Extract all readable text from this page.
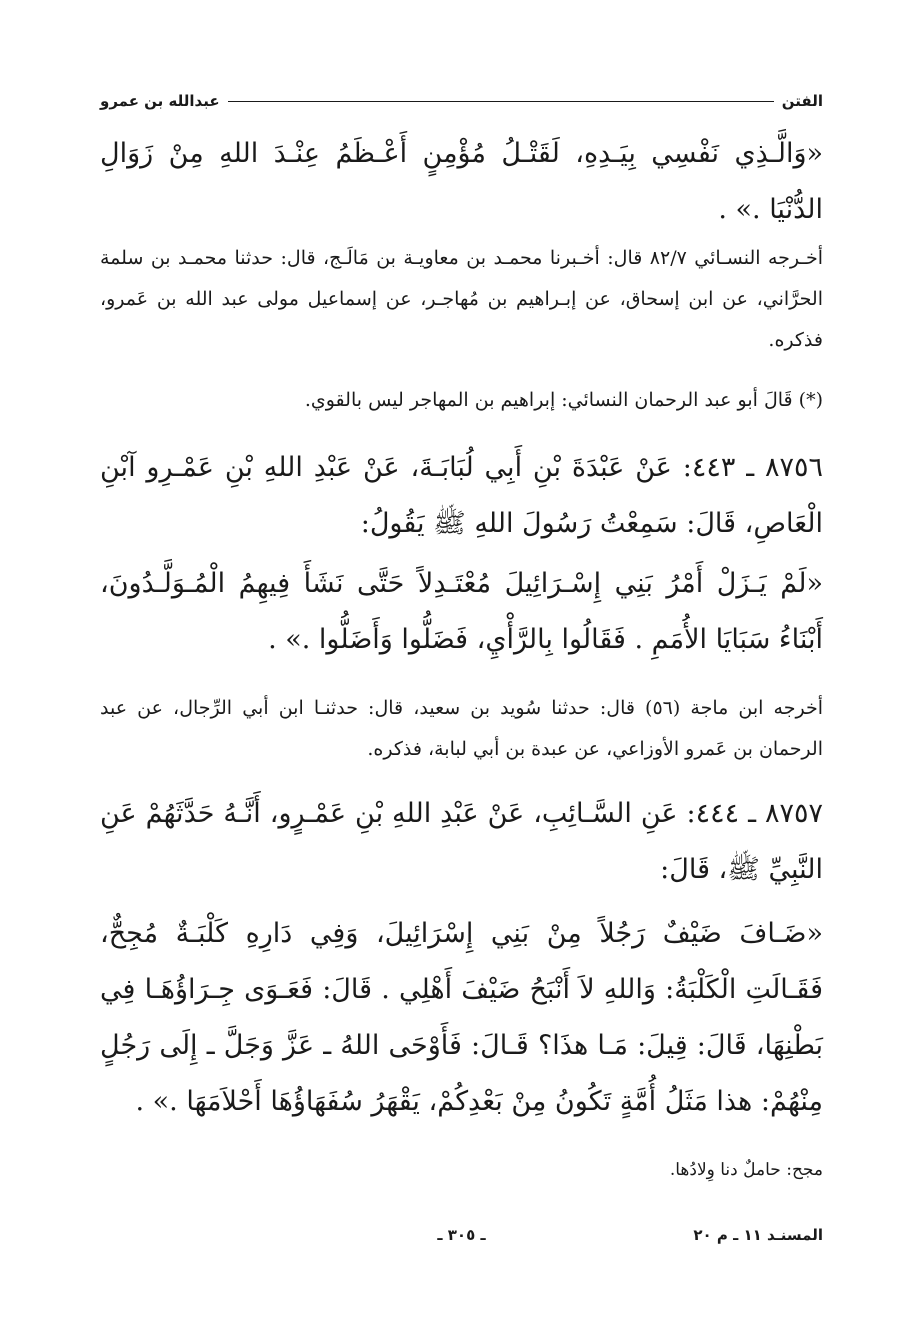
الفتن
عبدالله بن عمرو

«وَالَّـذِي نَفْسِي بِيَـدِهِ، لَقَتْـلُ مُؤْمِنٍ أَعْـظَمُ عِنْـدَ اللهِ مِنْ زَوَالِ الدُّنْيَا .» .

أخـرجه النسـائي ٨٢/٧ قال: أخـبرنا محمـد بن معاويـة بن مَالَـج، قال: حدثنا محمـد بن سلمة الحرَّاني، عن ابن إسحاق، عن إبـراهيم بن مُهاجـر، عن إسماعيل مولى عبد الله بن عَمرو، فذكره.

(*) قَالَ أبو عبد الرحمان النسائي: إبراهيم بن المهاجر ليس بالقوي.

٨٧٥٦ ـ ٤٤٣: عَنْ عَبْدَةَ بْنِ أَبِي لُبَابَـةَ، عَنْ عَبْدِ اللهِ بْنِ عَمْـرِو آبْنِ الْعَاصِ، قَالَ: سَمِعْتُ رَسُولَ اللهِ ﷺ يَقُولُ:

«لَمْ يَـزَلْ أَمْرُ بَنِي إِسْـرَائِيلَ مُعْتَـدِلاً حَتَّى نَشَأَ فِيهِمُ الْمُـوَلَّـدُونَ، أَبْنَاءُ سَبَايَا الأُمَمِ . فَقَالُوا بِالرَّأْيِ، فَضَلُّوا وَأَضَلُّوا .» .

أخرجه ابن ماجة (٥٦) قال: حدثنا سُويد بن سعيد، قال: حدثنـا ابن أبي الرِّجال، عن عبد الرحمان بن عَمرو الأوزاعي، عن عبدة بن أبي لبابة، فذكره.

٨٧٥٧ ـ ٤٤٤: عَنِ السَّـائِبِ، عَنْ عَبْدِ اللهِ بْنِ عَمْـرٍو، أَنَّـهُ حَدَّثَهُمْ عَنِ النَّبِيِّ ﷺ، قَالَ:

«ضَـافَ ضَيْفٌ رَجُلاً مِنْ بَنِي إِسْرَائِيلَ، وَفِي دَارِهِ كَلْبَـةٌ مُجِحٌّ، فَقَـالَتِ الْكَلْبَةُ: وَاللهِ لاَ أَنْبَحُ ضَيْفَ أَهْلِي . قَالَ: فَعَـوَى جِـرَاؤُهَـا فِي بَطْنِهَا، قَالَ: قِيلَ: مَـا هذَا؟ قَـالَ: فَأَوْحَى اللهُ ـ عَزَّ وَجَلَّ ـ إِلَى رَجُلٍ مِنْهُمْ: هذا مَثَلُ أُمَّةٍ تَكُونُ مِنْ بَعْدِكُمْ، يَقْهَرُ سُفَهَاؤُهَا أَحْلاَمَهَا .» .

مجح: حاملٌ دنا وِلادُها.

ـ ٣٠٥ ـ	المسنـد ١١ ـ م ٢٠
